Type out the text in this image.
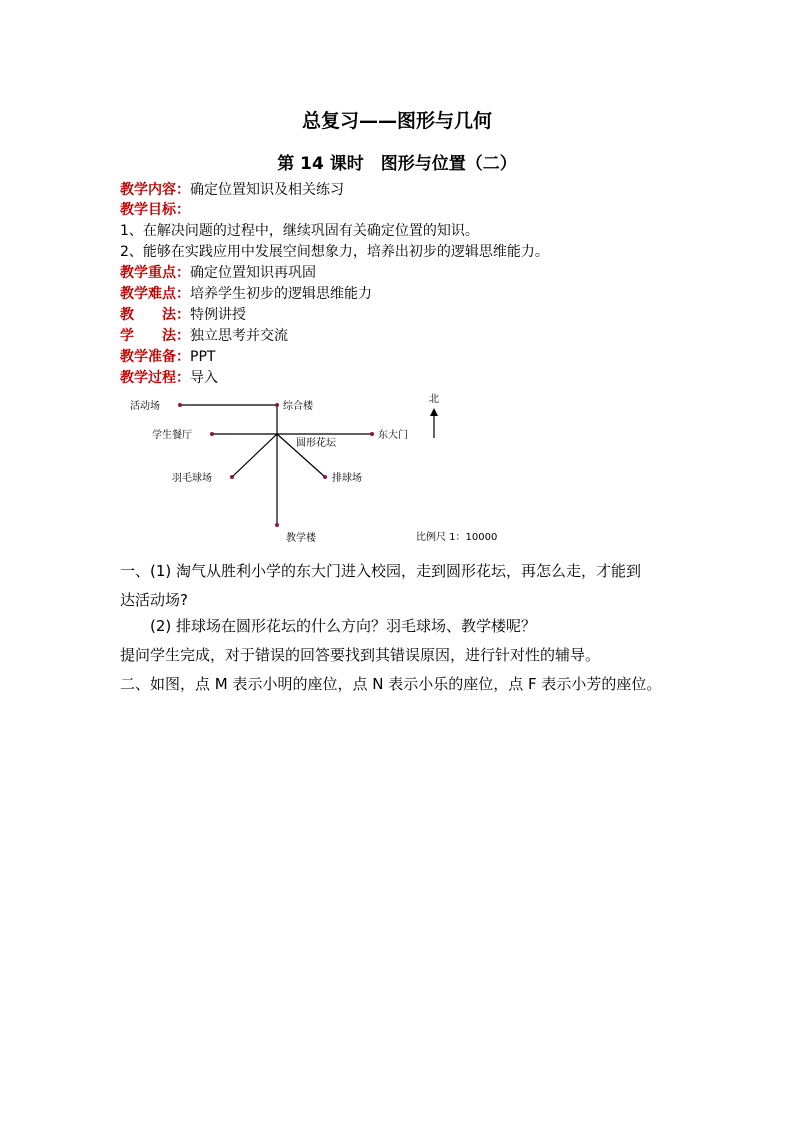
总复习——图形与几何
第 14 课时　图形与位置（二）
教学内容：确定位置知识及相关练习
教学目标：
1、在解决问题的过程中，继续巩固有关确定位置的知识。
2、能够在实践应用中发展空间想象力，培养出初步的逻辑思维能力。
教学重点：确定位置知识再巩固
教学难点：培养学生初步的逻辑思维能力
教　　法：特例讲授
学　　法：独立思考并交流
教学准备：PPT
教学过程：导入
活动场	综合楼
学生餐厅
圆形花坛
东大门
羽毛球场	排球场
教学楼
北
比例尺 1：10000
一、(1) 淘气从胜利小学的东大门进入校园，走到圆形花坛，再怎么走，才能到
达活动场?
(2) 排球场在圆形花坛的什么方向？羽毛球场、教学楼呢？
提问学生完成，对于错误的回答要找到其错误原因，进行针对性的辅导。
二、如图，点 M 表示小明的座位，点 N 表示小乐的座位，点 F 表示小芳的座位。
